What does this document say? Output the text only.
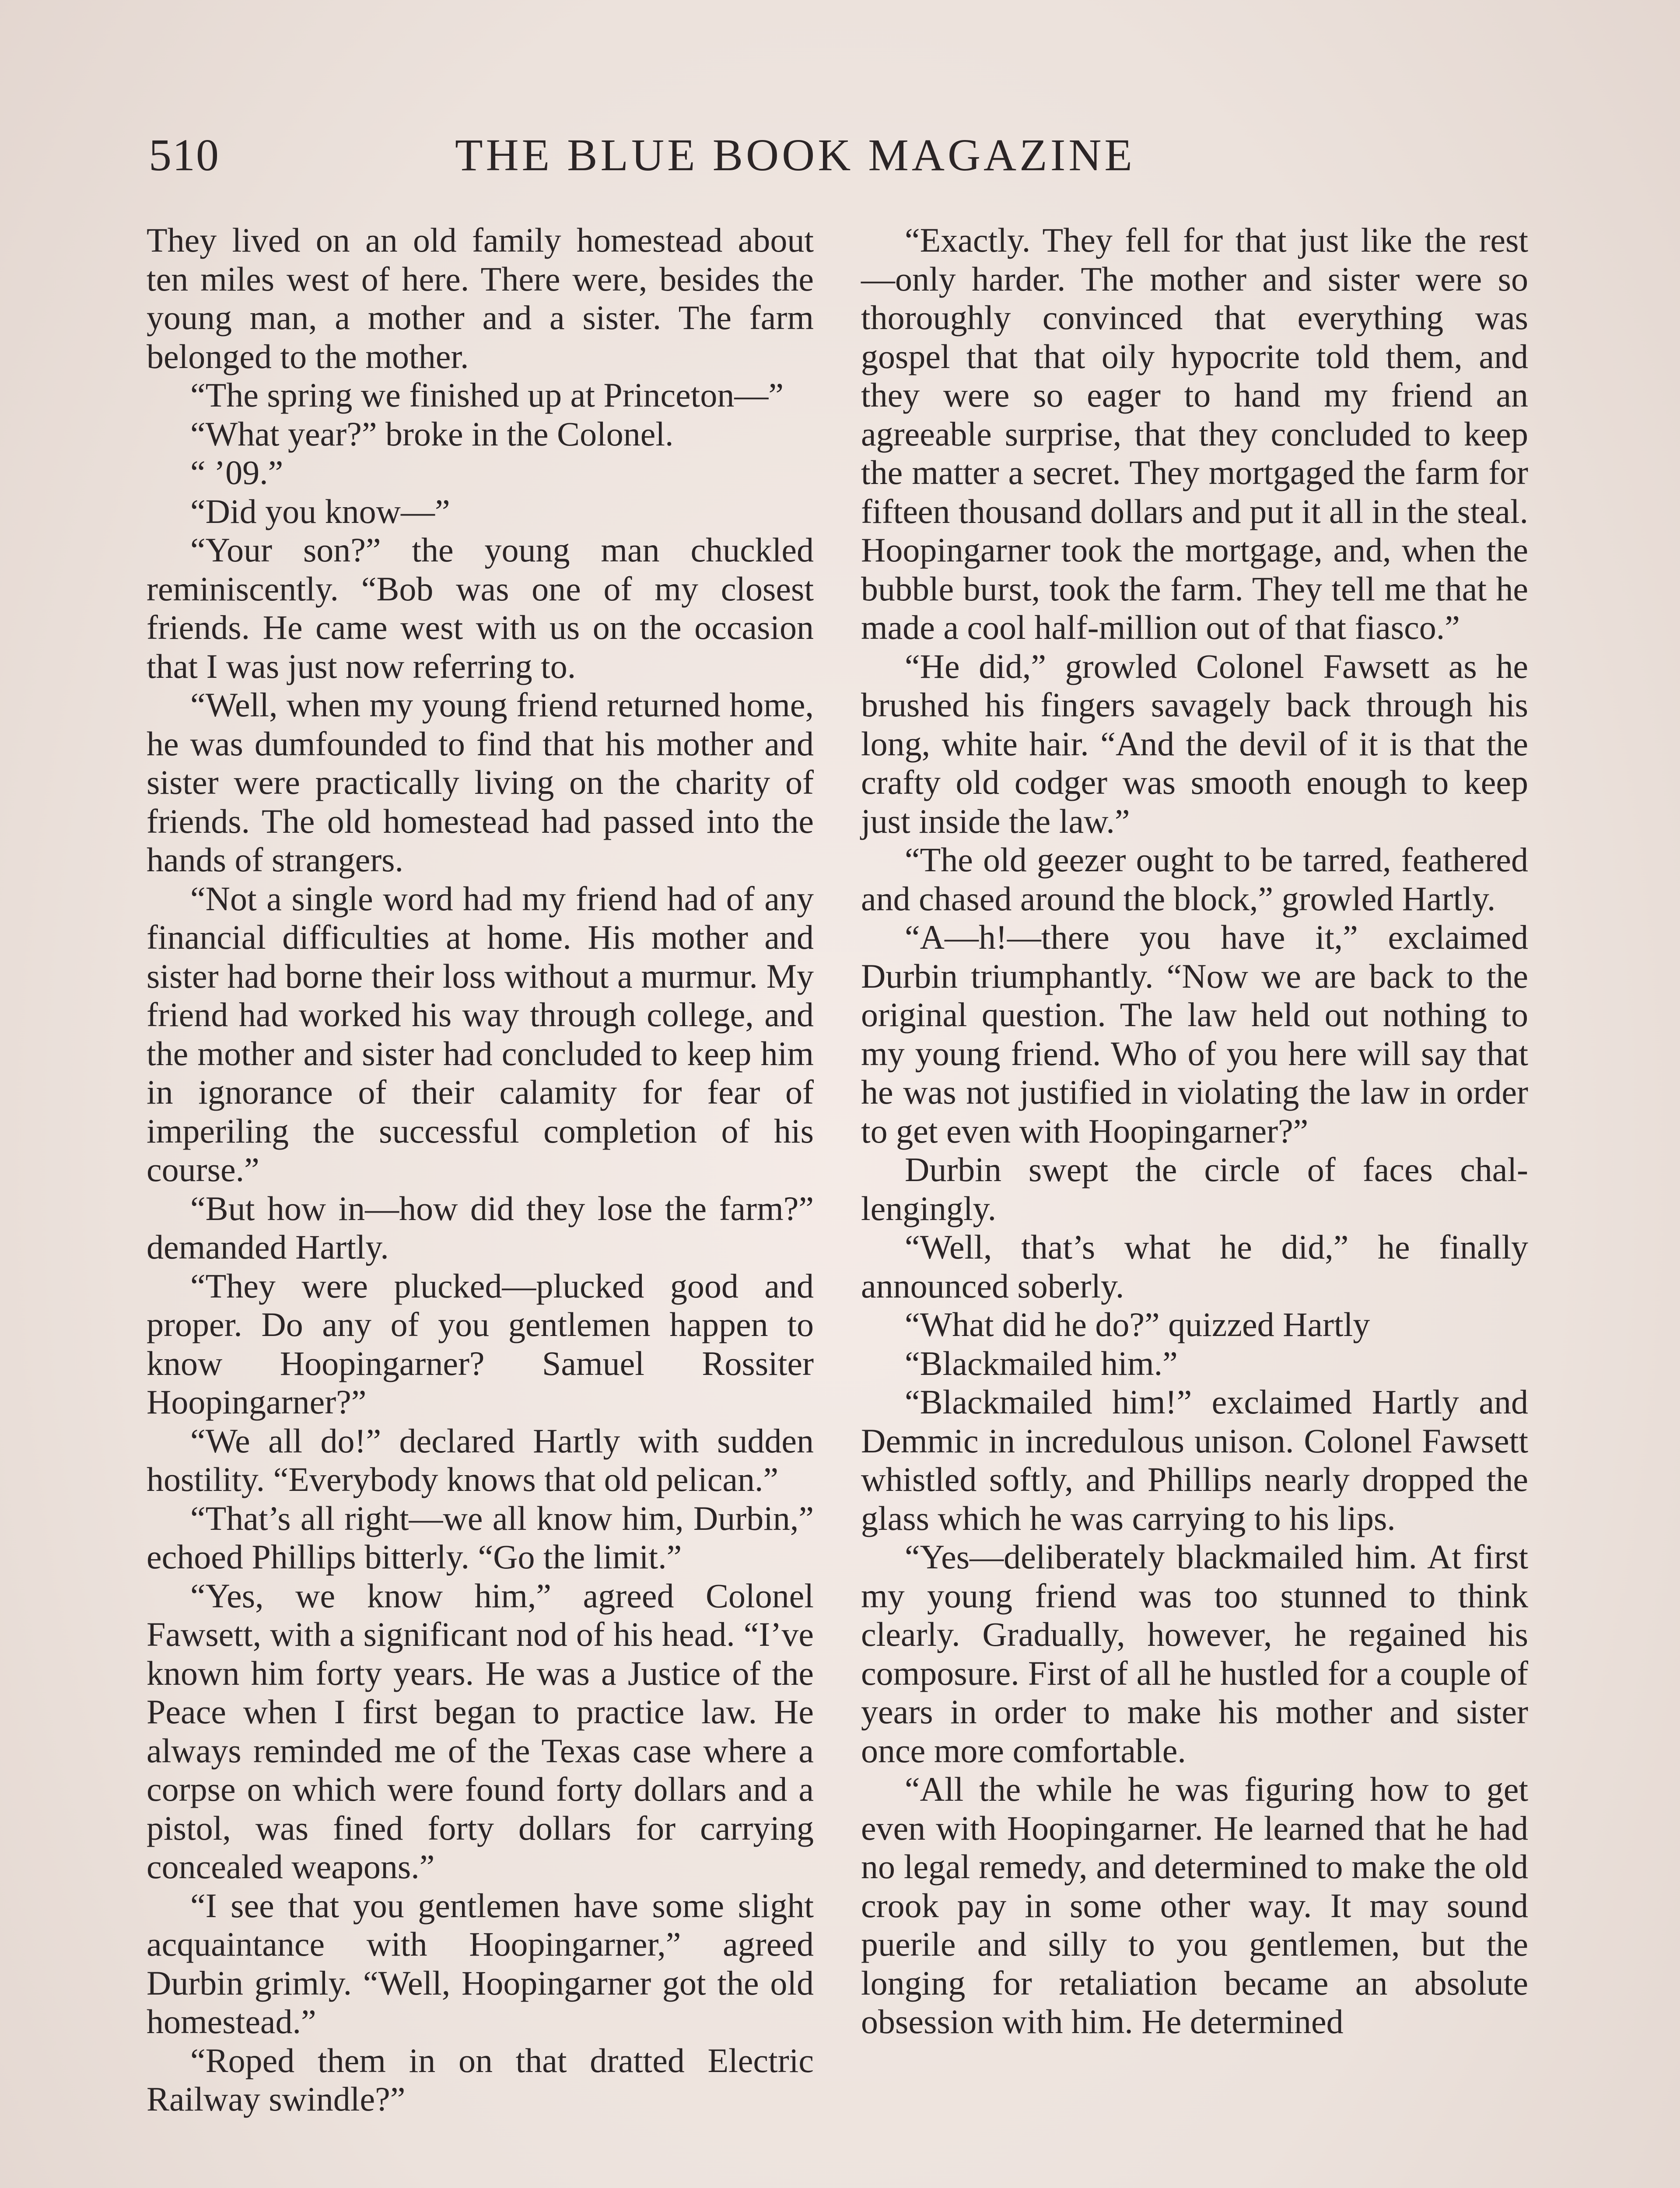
510	THE BLUE BOOK MAGAZINE

They lived on an old family homestead about ten miles west of here. There were, besides the young man, a mother and a sister. The farm belonged to the mother.

“The spring we finished up at Princeton—”

“What year?” broke in the Colonel.

“ ’09.”

“Did you know—”

“Your son?” the young man chuckled reminiscently. “Bob was one of my closest friends. He came west with us on the occasion that I was just now referring to.

“Well, when my young friend returned home, he was dumfounded to find that his mother and sister were practically living on the charity of friends. The old homestead had passed into the hands of strangers.

“Not a single word had my friend had of any financial difficulties at home. His mother and sister had borne their loss without a murmur. My friend had worked his way through college, and the mother and sister had concluded to keep him in ignorance of their calamity for fear of imperiling the successful completion of his course.”

“But how in—how did they lose the farm?” demanded Hartly.

“They were plucked—plucked good and proper. Do any of you gentlemen happen to know Hoopingarner? Samuel Rossiter Hoopingarner?”

“We all do!” declared Hartly with sudden hostility. “Everybody knows that old pelican.”

“That’s all right—we all know him, Durbin,” echoed Phillips bitterly. “Go the limit.”

“Yes, we know him,” agreed Colonel Fawsett, with a significant nod of his head. “I’ve known him forty years. He was a Justice of the Peace when I first began to practice law. He always reminded me of the Texas case where a corpse on which were found forty dollars and a pistol, was fined forty dollars for carrying concealed weapons.”

“I see that you gentlemen have some slight acquaintance with Hoopingarner,” agreed Durbin grimly. “Well, Hoopingarner got the old homestead.”

“Roped them in on that dratted Electric Railway swindle?”

“Exactly. They fell for that just like the rest—only harder. The mother and sister were so thoroughly convinced that everything was gospel that that oily hypocrite told them, and they were so eager to hand my friend an agreeable surprise, that they concluded to keep the matter a secret. They mortgaged the farm for fifteen thousand dollars and put it all in the steal. Hoopingarner took the mortgage, and, when the bubble burst, took the farm. They tell me that he made a cool half-million out of that fiasco.”

“He did,” growled Colonel Fawsett as he brushed his fingers savagely back through his long, white hair. “And the devil of it is that the crafty old codger was smooth enough to keep just inside the law.”

“The old geezer ought to be tarred, feathered and chased around the block,” growled Hartly.

“A—h!—there you have it,” exclaimed Durbin triumphantly. “Now we are back to the original question. The law held out nothing to my young friend. Who of you here will say that he was not justified in violating the law in order to get even with Hoopingarner?”

Durbin swept the circle of faces challengingly.

“Well, that’s what he did,” he finally announced soberly.

“What did he do?” quizzed Hartly

“Blackmailed him.”

“Blackmailed him!” exclaimed Hartly and Demmic in incredulous unison. Colonel Fawsett whistled softly, and Phillips nearly dropped the glass which he was carrying to his lips.

“Yes—deliberately blackmailed him. At first my young friend was too stunned to think clearly. Gradually, however, he regained his composure. First of all he hustled for a couple of years in order to make his mother and sister once more comfortable.

“All the while he was figuring how to get even with Hoopingarner. He learned that he had no legal remedy, and determined to make the old crook pay in some other way. It may sound puerile and silly to you gentlemen, but the longing for retaliation became an absolute obsession with him. He determined
